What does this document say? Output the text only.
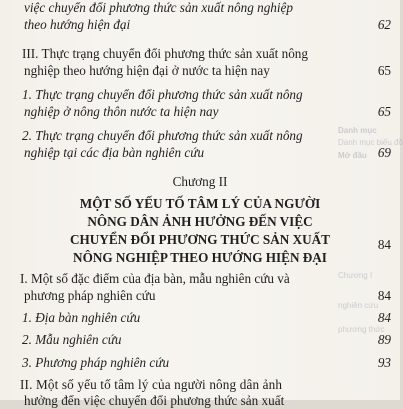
Danh mục
Danh mục biểu đồ
Mở đầu
Chương I
nghiên cứu
phương thức
việc chuyển đổi phương thức sản xuất nông nghiệp
theo hướng hiện đại	62
III. Thực trạng chuyển đổi phương thức sản xuất nông
nghiệp theo hướng hiện đại ở nước ta hiện nay	65
1. Thực trạng chuyển đổi phương thức sản xuất nông
nghiệp ở nông thôn nước ta hiện nay	65
2. Thực trạng chuyển đổi phương thức sản xuất nông
nghiệp tại các địa bàn nghiên cứu	69
Chương II
MỘT SỐ YẾU TỐ TÂM LÝ CỦA NGƯỜI
NÔNG DÂN ẢNH HƯỞNG ĐẾN VIỆC
CHUYỂN ĐỔI PHƯƠNG THỨC SẢN XUẤT
NÔNG NGHIỆP THEO HƯỚNG HIỆN ĐẠI
84
I. Một số đặc điểm của địa bàn, mẫu nghiên cứu và
phương pháp nghiên cứu	84
1. Địa bàn nghiên cứu	84
2. Mẫu nghiên cứu	89
3. Phương pháp nghiên cứu	93
II. Một số yếu tố tâm lý của người nông dân ảnh
hưởng đến việc chuyển đổi phương thức sản xuất
